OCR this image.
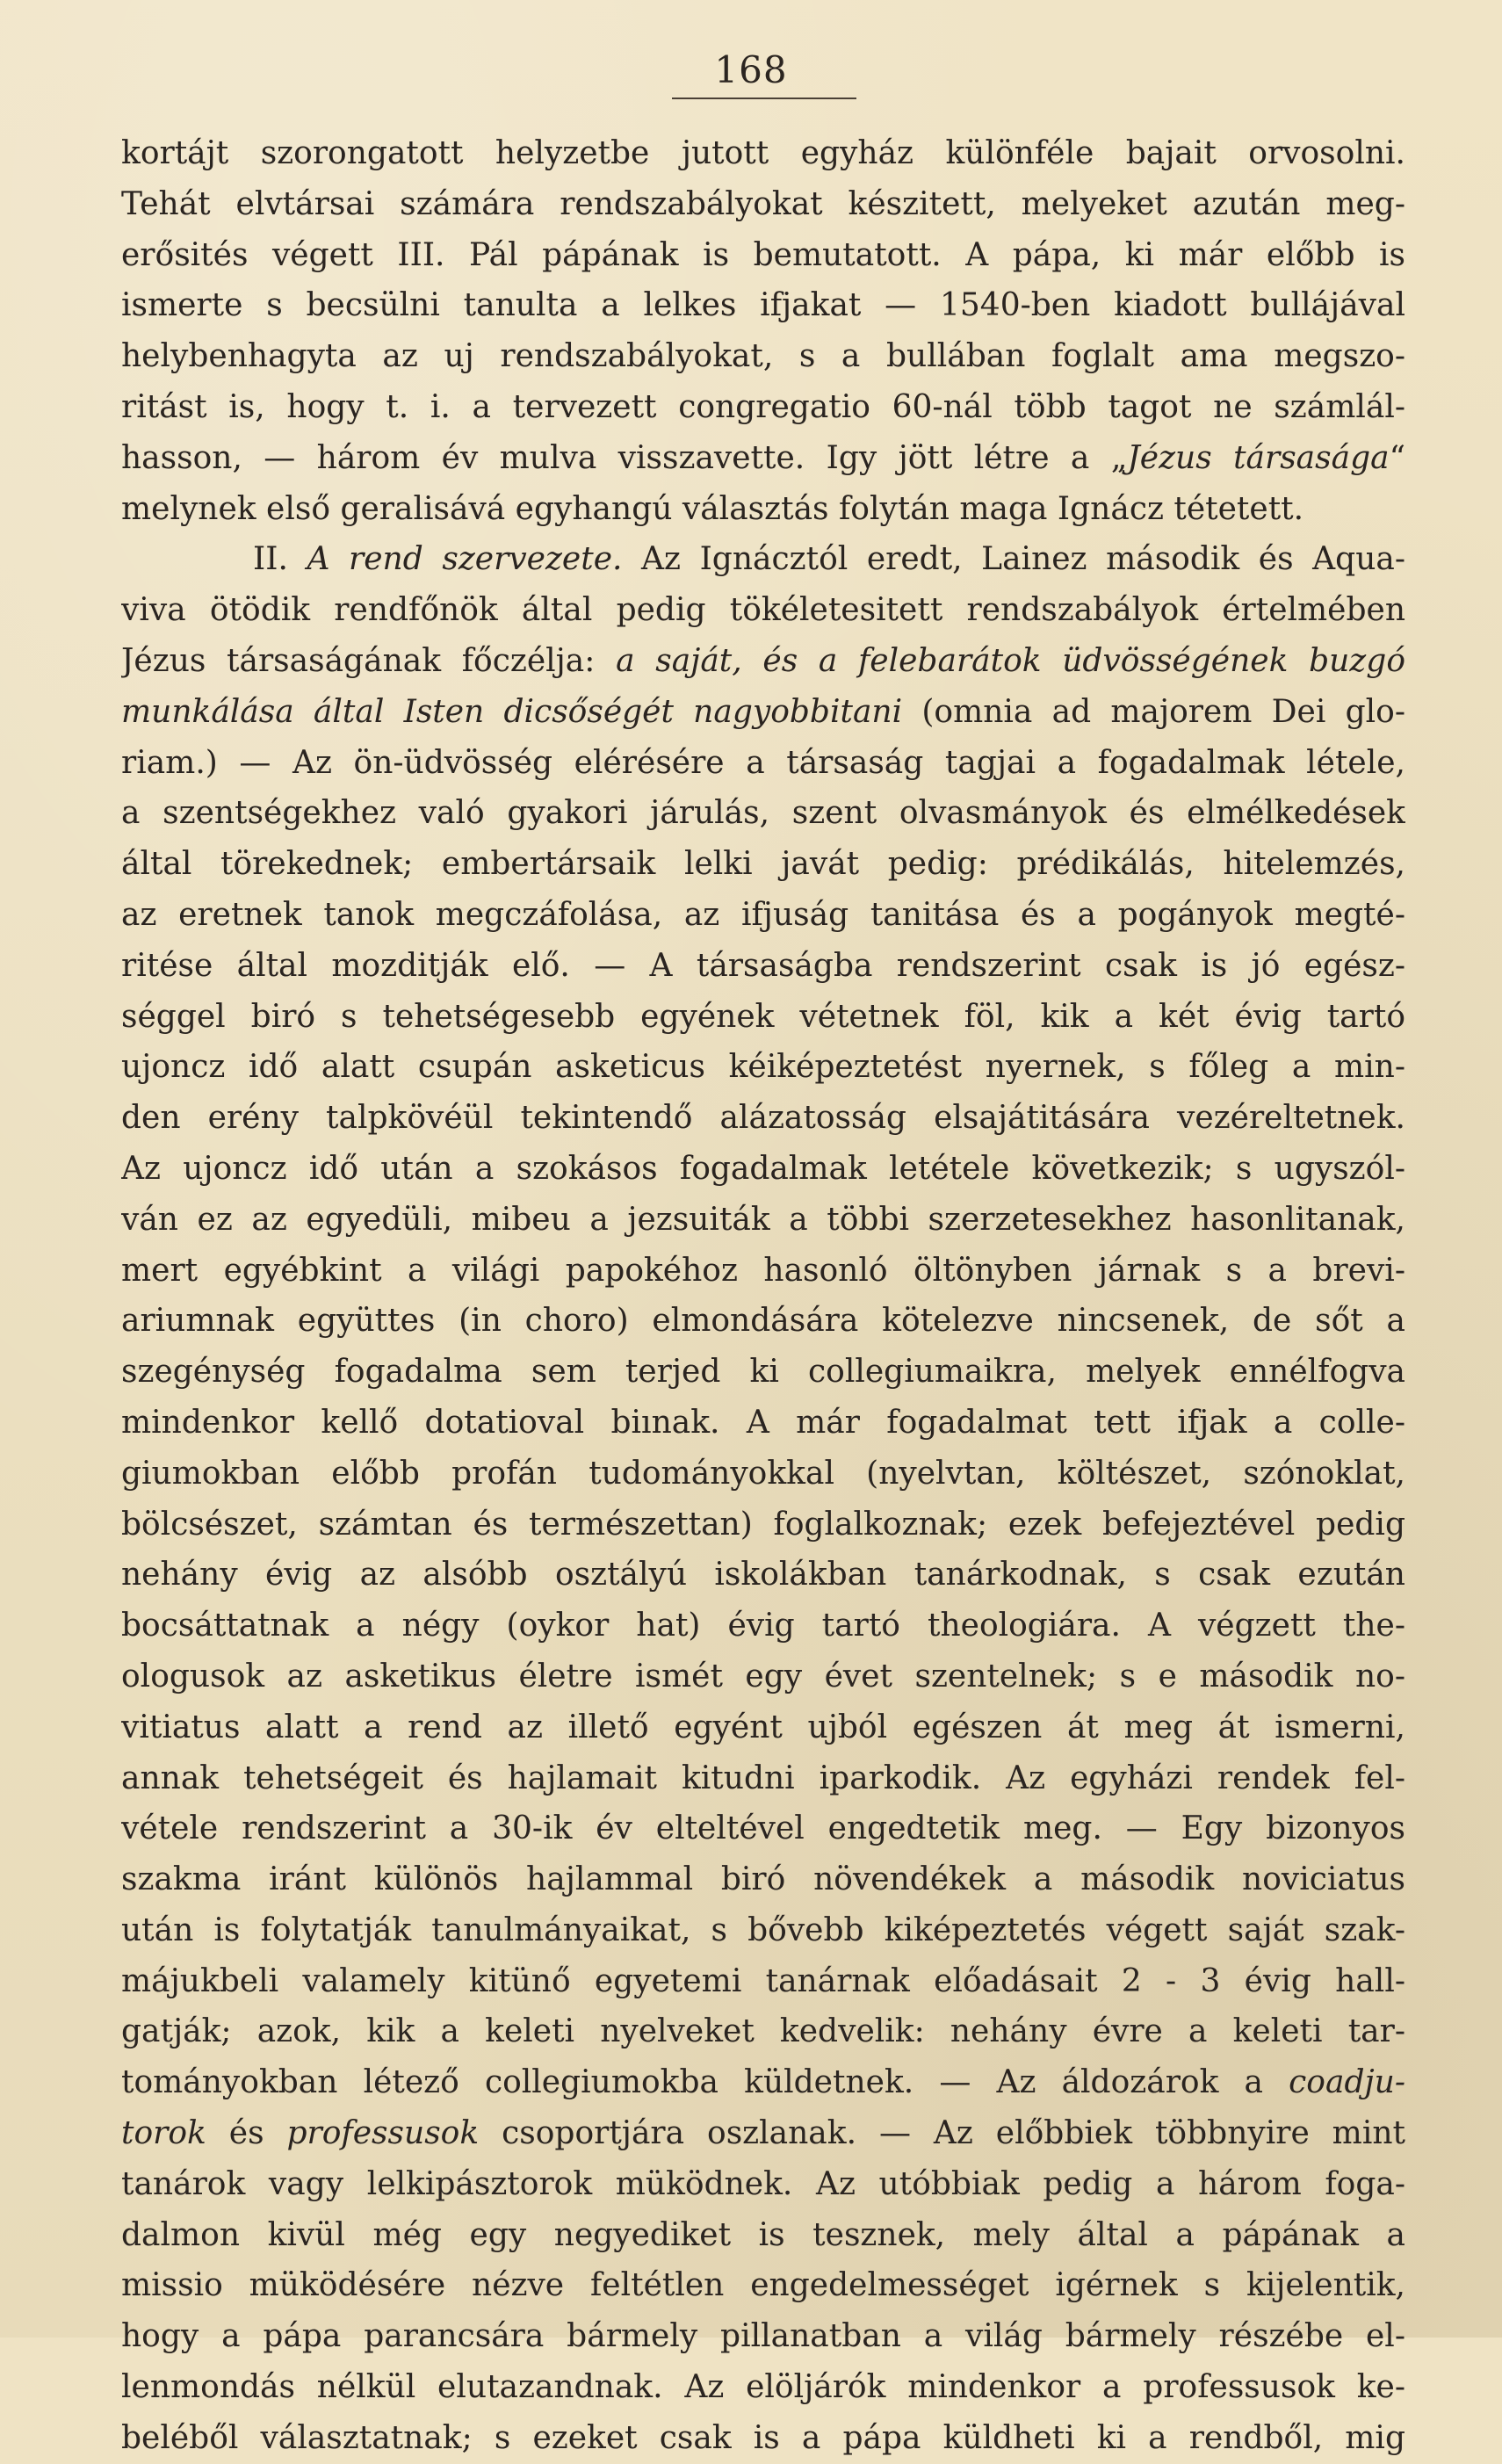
168
kortájt szorongatott helyzetbe jutott egyház különféle bajait orvosolni.
Tehát elvtársai számára rendszabályokat készitett, melyeket azután meg-
erősités végett III. Pál pápának is bemutatott. A pápa, ki már előbb is
ismerte s becsülni tanulta a lelkes ifjakat — 1540-ben kiadott bullájával
helybenhagyta az uj rendszabályokat, s a bullában foglalt ama megszo-
ritást is, hogy t. i. a tervezett congregatio 60-nál több tagot ne számlál-
hasson, — három év mulva visszavette. Igy jött létre a „Jézus társasága“
melynek első geralisává egyhangú választás folytán maga Ignácz tétetett.
II. A rend szervezete. Az Ignácztól eredt, Lainez második és Aqua-
viva ötödik rendfőnök által pedig tökéletesitett rendszabályok értelmében
Jézus társaságának főczélja: a saját, és a felebarátok üdvösségének buzgó
munkálása által Isten dicsőségét nagyobbitani (omnia ad majorem Dei glo-
riam.) — Az ön-üdvösség elérésére a társaság tagjai a fogadalmak létele,
a szentségekhez való gyakori járulás, szent olvasmányok és elmélkedések
által törekednek; embertársaik lelki javát pedig: prédikálás, hitelemzés,
az eretnek tanok megczáfolása, az ifjuság tanitása és a pogányok megté-
ritése által mozditják elő. — A társaságba rendszerint csak is jó egész-
séggel biró s tehetségesebb egyének vétetnek föl, kik a két évig tartó
ujoncz idő alatt csupán asketicus kéiképeztetést nyernek, s főleg a min-
den erény talpkövéül tekintendő alázatosság elsajátitására vezéreltetnek.
Az ujoncz idő után a szokásos fogadalmak letétele következik; s ugyszól-
ván ez az egyedüli, mibeu a jezsuiták a többi szerzetesekhez hasonlitanak,
mert egyébkint a világi papokéhoz hasonló öltönyben járnak s a brevi-
ariumnak együttes (in choro) elmondására kötelezve nincsenek, de sőt a
szegénység fogadalma sem terjed ki collegiumaikra, melyek ennélfogva
mindenkor kellő dotatioval biınak. A már fogadalmat tett ifjak a colle-
giumokban előbb profán tudományokkal (nyelvtan, költészet, szónoklat,
bölcsészet, számtan és természettan) foglalkoznak; ezek befejeztével pedig
nehány évig az alsóbb osztályú iskolákban tanárkodnak, s csak ezután
bocsáttatnak a négy (oykor hat) évig tartó theologiára. A végzett the-
ologusok az asketikus életre ismét egy évet szentelnek; s e második no-
vitiatus alatt a rend az illető egyént ujból egészen át meg át ismerni,
annak tehetségeit és hajlamait kitudni iparkodik. Az egyházi rendek fel-
vétele rendszerint a 30-ik év elteltével engedtetik meg. — Egy bizonyos
szakma iránt különös hajlammal biró növendékek a második noviciatus
után is folytatják tanulmányaikat, s bővebb kiképeztetés végett saját szak-
májukbeli valamely kitünő egyetemi tanárnak előadásait 2 - 3 évig hall-
gatják; azok, kik a keleti nyelveket kedvelik: nehány évre a keleti tar-
tományokban létező collegiumokba küldetnek. — Az áldozárok a coadju-
torok és professusok csoportjára oszlanak. — Az előbbiek többnyire mint
tanárok vagy lelkipásztorok müködnek. Az utóbbiak pedig a három foga-
dalmon kivül még egy negyediket is tesznek, mely által a pápának a
missio müködésére nézve feltétlen engedelmességet igérnek s kijelentik,
hogy a pápa parancsára bármely pillanatban a világ bármely részébe el-
lenmondás nélkül elutazandnak. Az elöljárók mindenkor a professusok ke-
beléből választatnak; s ezeket csak is a pápa küldheti ki a rendből, mig
